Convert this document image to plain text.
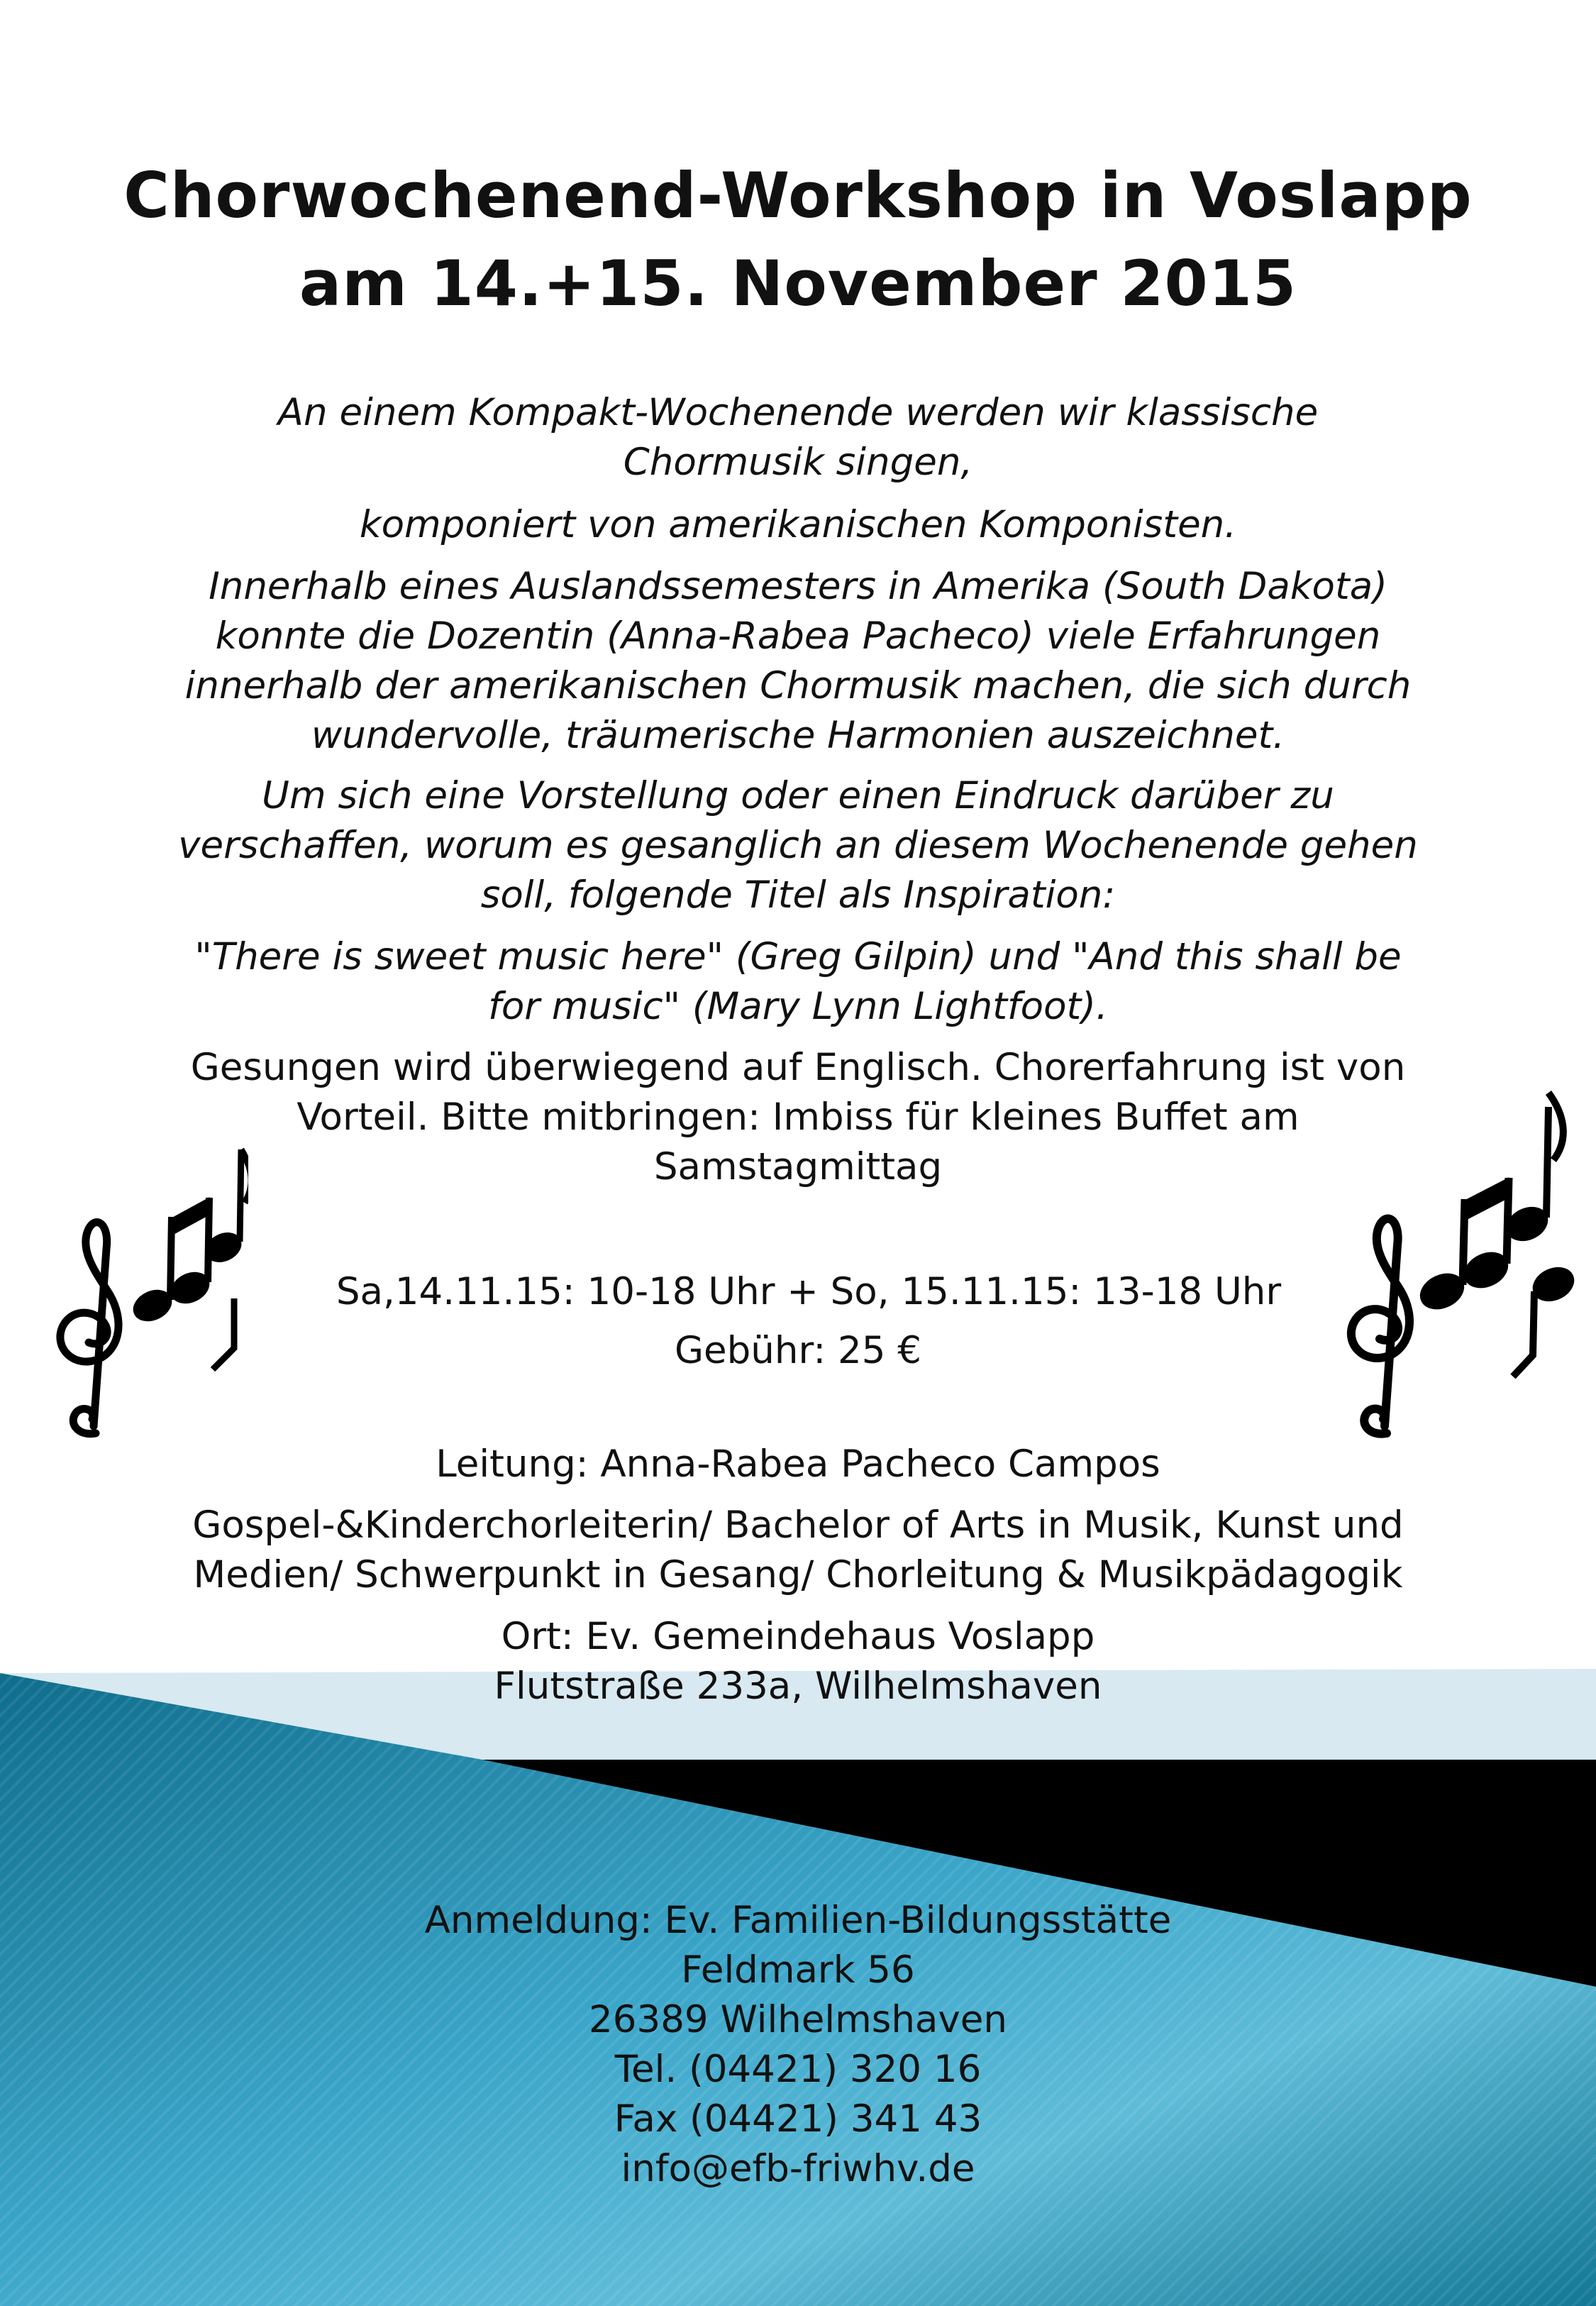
Chorwochenend-Workshop in Voslapp
am 14.+15. November 2015
An einem Kompakt-Wochenende werden wir klassische
Chormusik singen,
komponiert von amerikanischen Komponisten.
Innerhalb eines Auslandssemesters in Amerika (South Dakota)
konnte die Dozentin (Anna-Rabea Pacheco) viele Erfahrungen
innerhalb der amerikanischen Chormusik machen, die sich durch
wundervolle, träumerische Harmonien auszeichnet.
Um sich eine Vorstellung oder einen Eindruck darüber zu
verschaffen, worum es gesanglich an diesem Wochenende gehen
soll, folgende Titel als Inspiration:
"There is sweet music here" (Greg Gilpin) und "And this shall be
for music" (Mary Lynn Lightfoot).
Gesungen wird überwiegend auf Englisch. Chorerfahrung ist von
Vorteil. Bitte mitbringen: Imbiss für kleines Buffet am
Samstagmittag
Sa,14.11.15: 10-18 Uhr + So, 15.11.15: 13-18 Uhr
Gebühr: 25 €
Leitung: Anna-Rabea Pacheco Campos
Gospel-&Kinderchorleiterin/ Bachelor of Arts in Musik, Kunst und
Medien/ Schwerpunkt in Gesang/ Chorleitung & Musikpädagogik
Ort: Ev. Gemeindehaus Voslapp
Flutstraße 233a, Wilhelmshaven
Anmeldung: Ev. Familien-Bildungsstätte
Feldmark 56
26389 Wilhelmshaven
Tel. (04421) 320 16
Fax (04421) 341 43
info@efb-friwhv.de
